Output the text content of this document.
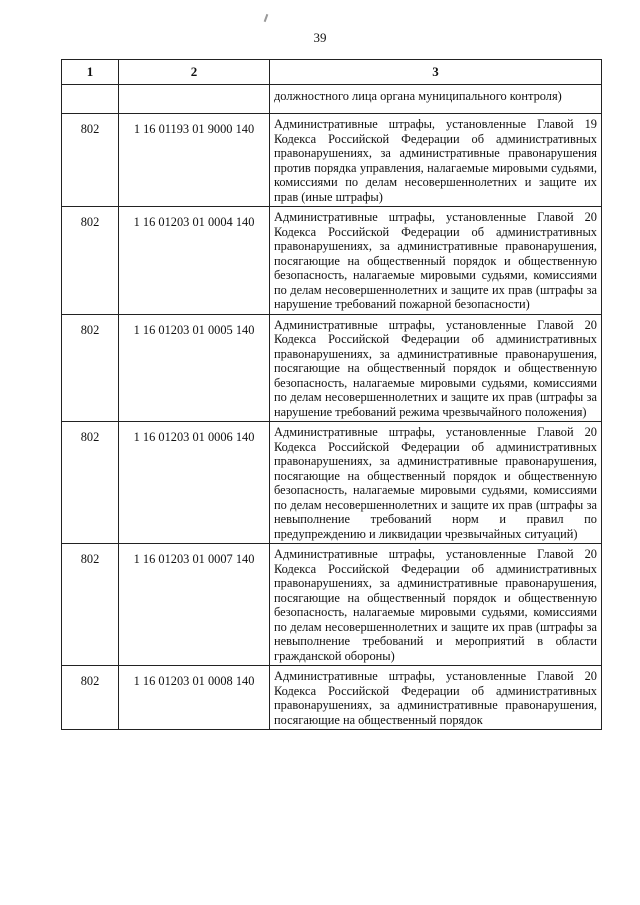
39
1	2	3
		должностного лица органа муниципального контроля)
802	1 16 01193 01 9000 140	Административные штрафы, установленные Главой 19 Кодекса Российской Федерации об административных правонарушениях, за административные правонарушения против порядка управления, налагаемые мировыми судьями, комиссиями по делам несовершеннолетних и защите их прав (иные штрафы)
802	1 16 01203 01 0004 140	Административные штрафы, установленные Главой 20 Кодекса Российской Федерации об административных правонарушениях, за административные правонарушения, посягающие на общественный порядок и общественную безопасность, налагаемые мировыми судьями, комиссиями по делам несовершеннолетних и защите их прав (штрафы за нарушение требований пожарной безопасности)
802	1 16 01203 01 0005 140	Административные штрафы, установленные Главой 20 Кодекса Российской Федерации об административных правонарушениях, за административные правонарушения, посягающие на общественный порядок и общественную безопасность, налагаемые мировыми судьями, комиссиями по делам несовершеннолетних и защите их прав (штрафы за нарушение требований режима чрезвычайного положения)
802	1 16 01203 01 0006 140	Административные штрафы, установленные Главой 20 Кодекса Российской Федерации об административных правонарушениях, за административные правонарушения, посягающие на общественный порядок и общественную безопасность, налагаемые мировыми судьями, комиссиями по делам несовершеннолетних и защите их прав (штрафы за невыполнение требований норм и правил по предупреждению и ликвидации чрезвычайных ситуаций)
802	1 16 01203 01 0007 140	Административные штрафы, установленные Главой 20 Кодекса Российской Федерации об административных правонарушениях, за административные правонарушения, посягающие на общественный порядок и общественную безопасность, налагаемые мировыми судьями, комиссиями по делам несовершеннолетних и защите их прав (штрафы за невыполнение требований и мероприятий в области гражданской обороны)
802	1 16 01203 01 0008 140	Административные штрафы, установленные Главой 20 Кодекса Российской Федерации об административных правонарушениях, за административные правонарушения, посягающие на общественный порядок
